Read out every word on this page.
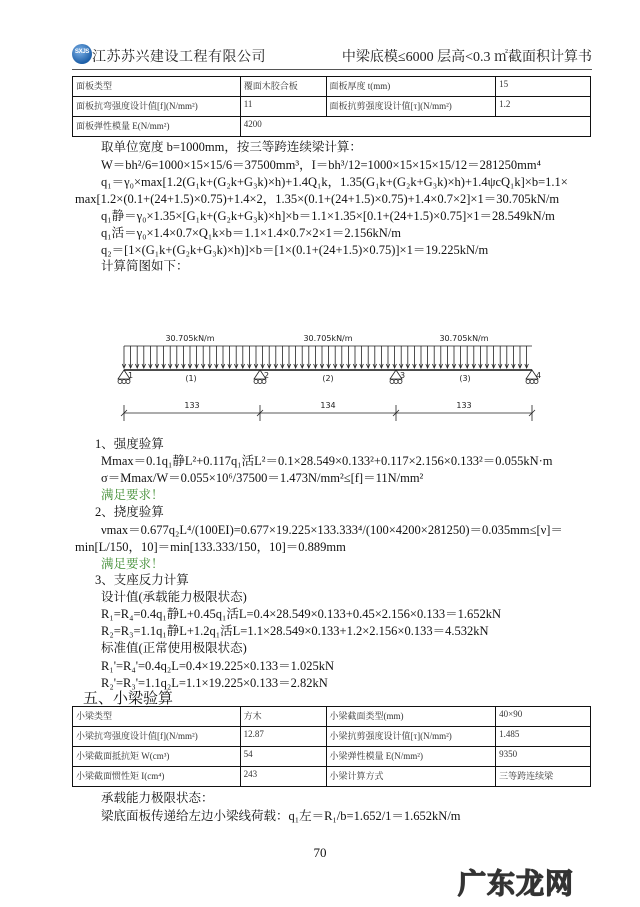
SXJS 江苏苏兴建设工程有限公司	中梁底模≤6000 层高<0.3 ㎡截面积计算书
面板类型	覆面木胶合板	面板厚度 t(mm)	15
面板抗弯强度设计值[f](N/mm²)	11	面板抗剪强度设计值[τ](N/mm²)	1.2
面板弹性模量 E(N/mm²)	4200		
取单位宽度 b=1000mm，按三等跨连续梁计算：
W＝bh²/6=1000×15×15/6＝37500mm³，I＝bh³/12=1000×15×15×15/12＝281250mm⁴
q₁＝γ₀×max[1.2(G₁k+(G₂k+G₃k)×h)+1.4Q₁k，1.35(G₁k+(G₂k+G₃k)×h)+1.4ψcQ₁k]×b=1.1×
max[1.2×(0.1+(24+1.5)×0.75)+1.4×2，1.35×(0.1+(24+1.5)×0.75)+1.4×0.7×2]×1＝30.705kN/m
q₁静＝γ₀×1.35×[G₁k+(G₂k+G₃k)×h]×b＝1.1×1.35×[0.1+(24+1.5)×0.75]×1＝28.549kN/m
q₁活＝γ₀×1.4×0.7×Q₁k×b＝1.1×1.4×0.7×2×1＝2.156kN/m
q₂＝[1×(G₁k+(G₂k+G₃k)×h)]×b＝[1×(0.1+(24+1.5)×0.75)]×1＝19.225kN/m
计算简图如下：
1	2	3	4
30.705kN/m	30.705kN/m	30.705kN/m
(1)	(2)	(3)
133	134	133
1、强度验算
Mmax＝0.1q₁静L²+0.117q₁活L²＝0.1×28.549×0.133²+0.117×2.156×0.133²＝0.055kN·m
σ＝Mmax/W＝0.055×10⁶/37500＝1.473N/mm²≤[f]＝11N/mm²
满足要求！
2、挠度验算
νmax＝0.677q₂L⁴/(100EI)=0.677×19.225×133.333⁴/(100×4200×281250)＝0.035mm≤[ν]＝
min[L/150，10]＝min[133.333/150，10]＝0.889mm
满足要求！
3、支座反力计算
设计值(承载能力极限状态)
R₁=R₄=0.4q₁静L+0.45q₁活L=0.4×28.549×0.133+0.45×2.156×0.133＝1.652kN
R₂=R₃=1.1q₁静L+1.2q₁活L=1.1×28.549×0.133+1.2×2.156×0.133＝4.532kN
标准值(正常使用极限状态)
R₁'=R₄'=0.4q₂L=0.4×19.225×0.133＝1.025kN
R₂'=R₃'=1.1q₂L=1.1×19.225×0.133＝2.82kN
五、小梁验算
小梁类型	方木	小梁截面类型(mm)	40×90
小梁抗弯强度设计值[f](N/mm²)	12.87	小梁抗剪强度设计值[τ](N/mm²)	1.485
小梁截面抵抗矩 W(cm³)	54	小梁弹性模量 E(N/mm²)	9350
小梁截面惯性矩 I(cm⁴)	243	小梁计算方式	三等跨连续梁
承载能力极限状态：
梁底面板传递给左边小梁线荷载：q₁左＝R₁/b=1.652/1＝1.652kN/m
70
广东龙网
